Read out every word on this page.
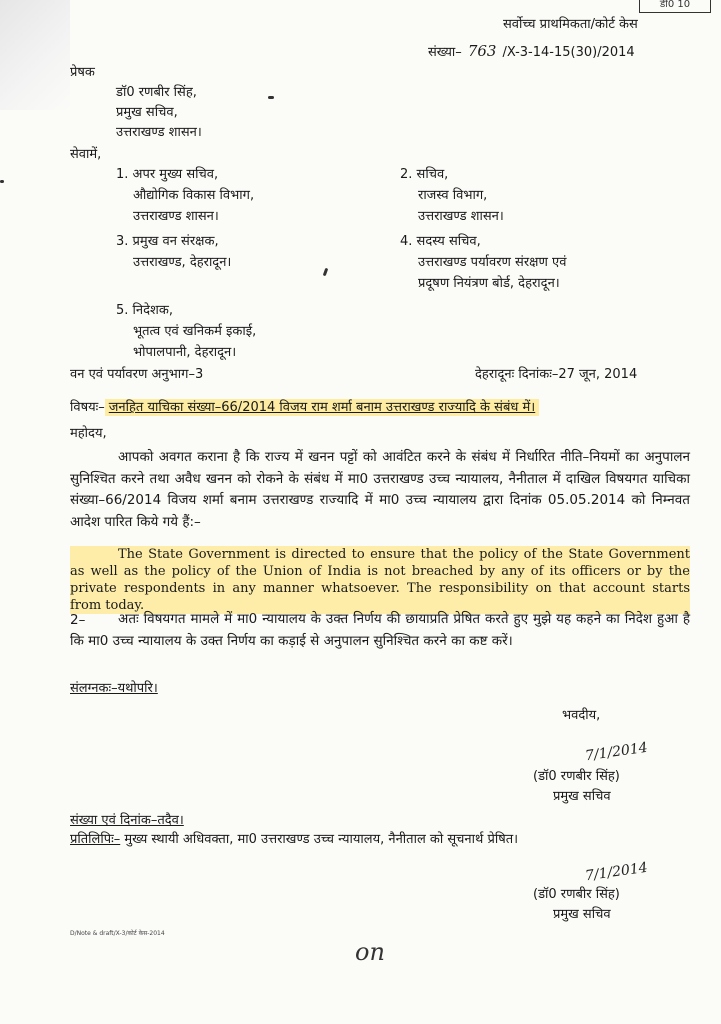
डी0 10
सर्वोच्च प्राथमिकता/कोर्ट केस
संख्या– 763 /X-3-14-15(30)/2014
प्रेषक
डॉ0 रणबीर सिंह,
प्रमुख सचिव,
उत्तराखण्ड शासन।
सेवामें,
1. अपर मुख्य सचिव,
औद्योगिक विकास विभाग,
उत्तराखण्ड शासन।
2. सचिव,
राजस्व विभाग,
उत्तराखण्ड शासन।
3. प्रमुख वन संरक्षक,
उत्तराखण्ड, देहरादून।
4. सदस्य सचिव,
उत्तराखण्ड पर्यावरण संरक्षण एवं
प्रदूषण नियंत्रण बोर्ड, देहरादून।
5. निदेशक,
भूतत्व एवं खनिकर्म इकाई,
भोपालपानी, देहरादून।
वन एवं पर्यावरण अनुभाग–3	देहरादूनः दिनांकः–27 जून, 2014
विषयः– जनहित याचिका संख्या–66/2014 विजय राम शर्मा बनाम उत्तराखण्ड राज्यादि के संबंध में।
महोदय,
आपको अवगत कराना है कि राज्य में खनन पट्टों को आवंटित करने के संबंध में निर्धारित नीति–नियमों का अनुपालन सुनिश्चित करने तथा अवैध खनन को रोकने के संबंध में मा0 उत्तराखण्ड उच्च न्यायालय, नैनीताल में दाखिल विषयगत याचिका संख्या–66/2014 विजय शर्मा बनाम उत्तराखण्ड राज्यादि में मा0 उच्च न्यायालय द्वारा दिनांक 05.05.2014 को निम्नवत आदेश पारित किये गये हैं:–
The State Government is directed to ensure that the policy of the State Government as well as the policy of the Union of India is not breached by any of its officers or by the private respondents in any manner whatsoever. The responsibility on that account starts from today.
2–	अतः विषयगत मामले में मा0 न्यायालय के उक्त निर्णय की छायाप्रति प्रेषित करते हुए मुझे यह कहने का निदेश हुआ है कि मा0 उच्च न्यायालय के उक्त निर्णय का कड़ाई से अनुपालन सुनिश्चित करने का कष्ट करें।
संलग्नकः–यथोपरि।
भवदीय,
7/1/2014
(डॉ0 रणबीर सिंह)
प्रमुख सचिव
संख्या एवं दिनांक–तदैव।
प्रतिलिपिः– मुख्य स्थायी अधिवक्ता, मा0 उत्तराखण्ड उच्च न्यायालय, नैनीताल को सूचनार्थ प्रेषित।
7/1/2014
(डॉ0 रणबीर सिंह)
प्रमुख सचिव
D/Note & draft/X-3/कोर्ट केस-2014
on
